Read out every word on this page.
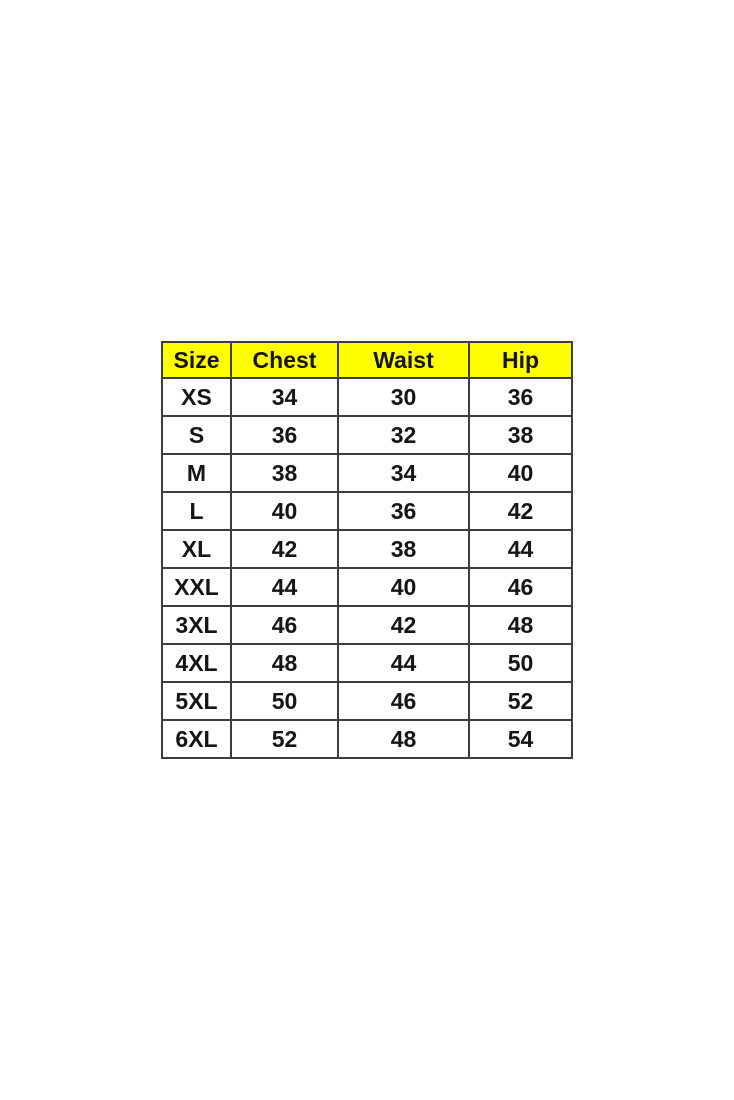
Size	Chest	Waist	Hip
XS	34	30	36
S	36	32	38
M	38	34	40
L	40	36	42
XL	42	38	44
XXL	44	40	46
3XL	46	42	48
4XL	48	44	50
5XL	50	46	52
6XL	52	48	54
